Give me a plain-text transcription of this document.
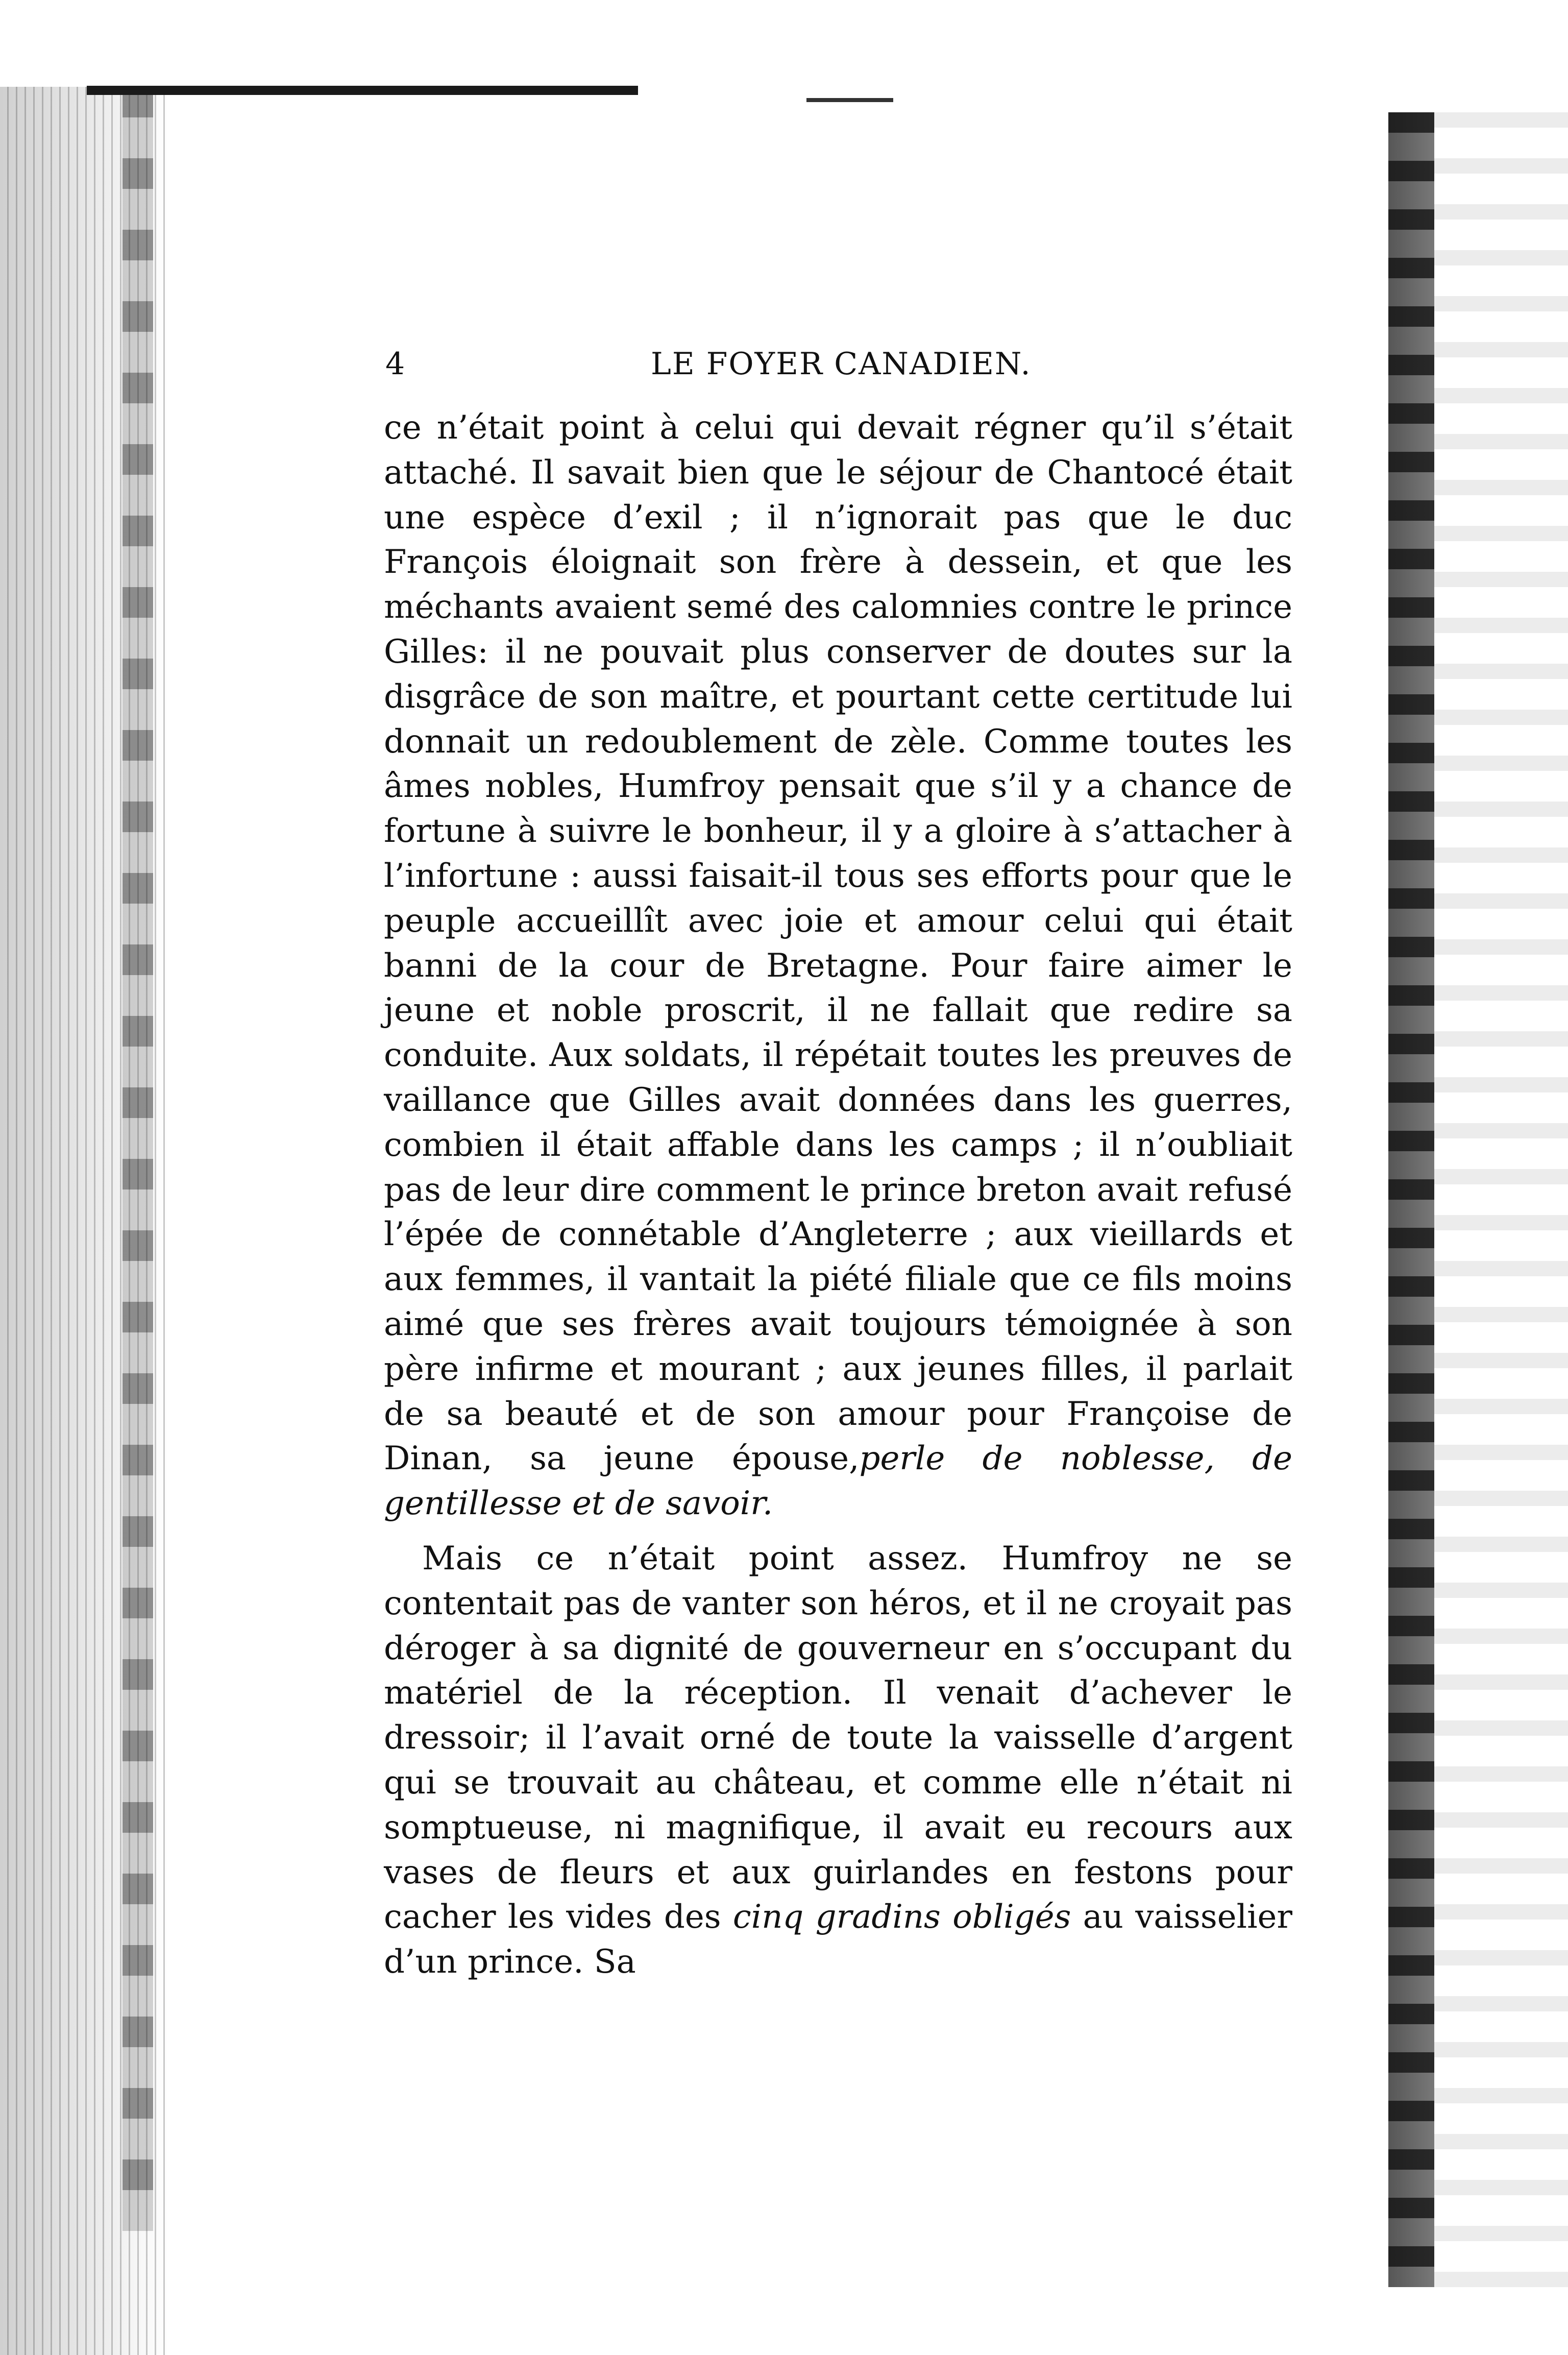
4	LE FOYER CANADIEN.

ce n’était point à celui qui devait régner qu’il s’était attaché. Il savait bien que le séjour de Chantocé était une espèce d’exil ; il n’ignorait pas que le duc François éloignait son frère à dessein, et que les méchants avaient semé des calomnies contre le prince Gilles: il ne pouvait plus conserver de doutes sur la disgrâce de son maître, et pourtant cette certitude lui donnait un redoublement de zèle. Comme toutes les âmes nobles, Humfroy pensait que s’il y a chance de fortune à suivre le bonheur, il y a gloire à s’attacher à l’infortune : aussi faisait-il tous ses efforts pour que le peuple accueillît avec joie et amour celui qui était banni de la cour de Bretagne. Pour faire aimer le jeune et noble proscrit, il ne fallait que redire sa conduite. Aux soldats, il répétait toutes les preuves de vaillance que Gilles avait données dans les guerres, combien il était affable dans les camps ; il n’oubliait pas de leur dire comment le prince breton avait refusé l’épée de connétable d’Angleterre ; aux vieillards et aux femmes, il vantait la piété filiale que ce fils moins aimé que ses frères avait toujours témoignée à son père infirme et mourant ; aux jeunes filles, il parlait de sa beauté et de son amour pour Françoise de Dinan, sa jeune épouse,perle de noblesse, de gentillesse et de savoir.

Mais ce n’était point assez. Humfroy ne se contentait pas de vanter son héros, et il ne croyait pas déroger à sa dignité de gouverneur en s’occupant du matériel de la réception. Il venait d’achever le dressoir; il l’avait orné de toute la vaisselle d’argent qui se trouvait au château, et comme elle n’était ni somptueuse, ni magnifique, il avait eu recours aux vases de fleurs et aux guirlandes en festons pour cacher les vides des cinq gradins obligés au vaisselier d’un prince. Sa
